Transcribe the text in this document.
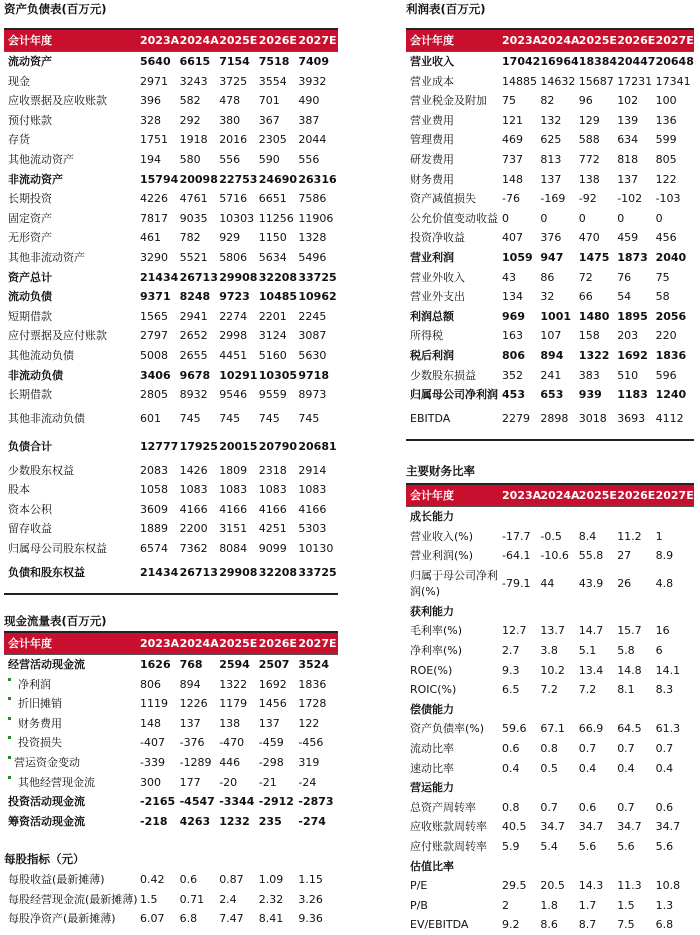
资产负债表(百万元)
会计年度	2023A	2024A	2025E	2026E	2027E
流动资产	5640	6615	7154	7518	7409
现金	2971	3243	3725	3554	3932
应收票据及应收账款	396	582	478	701	490
预付账款	328	292	380	367	387
存货	1751	1918	2016	2305	2044
其他流动资产	194	580	556	590	556
非流动资产	15794	20098	22753	24690	26316
长期投资	4226	4761	5716	6651	7586
固定资产	7817	9035	10303	11256	11906
无形资产	461	782	929	1150	1328
其他非流动资产	3290	5521	5806	5634	5496
资产总计	21434	26713	29908	32208	33725
流动负债	9371	8248	9723	10485	10962
短期借款	1565	2941	2274	2201	2245
应付票据及应付账款	2797	2652	2998	3124	3087
其他流动负债	5008	2655	4451	5160	5630
非流动负债	3406	9678	10291	10305	9718
长期借款	2805	8932	9546	9559	8973
其他非流动负债	601	745	745	745	745
负债合计	12777	17925	20015	20790	20681
少数股东权益	2083	1426	1809	2318	2914
股本	1058	1083	1083	1083	1083
资本公积	3609	4166	4166	4166	4166
留存收益	1889	2200	3151	4251	5303
归属母公司股东权益	6574	7362	8084	9099	10130
负债和股东权益	21434	26713	29908	32208	33725
现金流量表(百万元)
会计年度	2023A	2024A	2025E	2026E	2027E
经营活动现金流	1626	768	2594	2507	3524
净利润	806	894	1322	1692	1836
折旧摊销	1119	1226	1179	1456	1728
财务费用	148	137	138	137	122
投资损失	-407	-376	-470	-459	-456
营运资金变动	-339	-1289	446	-298	319
其他经营现金流	300	177	-20	-21	-24
投资活动现金流	-2165	-4547	-3344	-2912	-2873
筹资活动现金流	-218	4263	1232	235	-274
每股指标（元）
每股收益(最新摊薄)	0.42	0.6	0.87	1.09	1.15
每股经营现金流(最新摊薄)	1.5	0.71	2.4	2.32	3.26
每股净资产(最新摊薄)	6.07	6.8	7.47	8.41	9.36
利润表(百万元)
会计年度	2023A	2024A	2025E	2026E	2027E
营业收入	17042	16964	18384	20447	20648
营业成本	14885	14632	15687	17231	17341
营业税金及附加	75	82	96	102	100
营业费用	121	132	129	139	136
管理费用	469	625	588	634	599
研发费用	737	813	772	818	805
财务费用	148	137	138	137	122
资产减值损失	-76	-169	-92	-102	-103
公允价值变动收益	0	0	0	0	0
投资净收益	407	376	470	459	456
营业利润	1059	947	1475	1873	2040
营业外收入	43	86	72	76	75
营业外支出	134	32	66	54	58
利润总额	969	1001	1480	1895	2056
所得税	163	107	158	203	220
税后利润	806	894	1322	1692	1836
少数股东损益	352	241	383	510	596
归属母公司净利润	453	653	939	1183	1240
EBITDA	2279	2898	3018	3693	4112
主要财务比率
会计年度	2023A	2024A	2025E	2026E	2027E
成长能力					
营业收入(%)	-17.7	-0.5	8.4	11.2	1
营业利润(%)	-64.1	-10.6	55.8	27	8.9
归属于母公司净利润(%)	-79.1	44	43.9	26	4.8
获利能力					
毛利率(%)	12.7	13.7	14.7	15.7	16
净利率(%)	2.7	3.8	5.1	5.8	6
ROE(%)	9.3	10.2	13.4	14.8	14.1
ROIC(%)	6.5	7.2	7.2	8.1	8.3
偿债能力					
资产负债率(%)	59.6	67.1	66.9	64.5	61.3
流动比率	0.6	0.8	0.7	0.7	0.7
速动比率	0.4	0.5	0.4	0.4	0.4
营运能力					
总资产周转率	0.8	0.7	0.6	0.7	0.6
应收账款周转率	40.5	34.7	34.7	34.7	34.7
应付账款周转率	5.9	5.4	5.6	5.6	5.6
估值比率					
P/E	29.5	20.5	14.3	11.3	10.8
P/B	2	1.8	1.7	1.5	1.3
EV/EBITDA	9.2	8.6	8.7	7.5	6.8
